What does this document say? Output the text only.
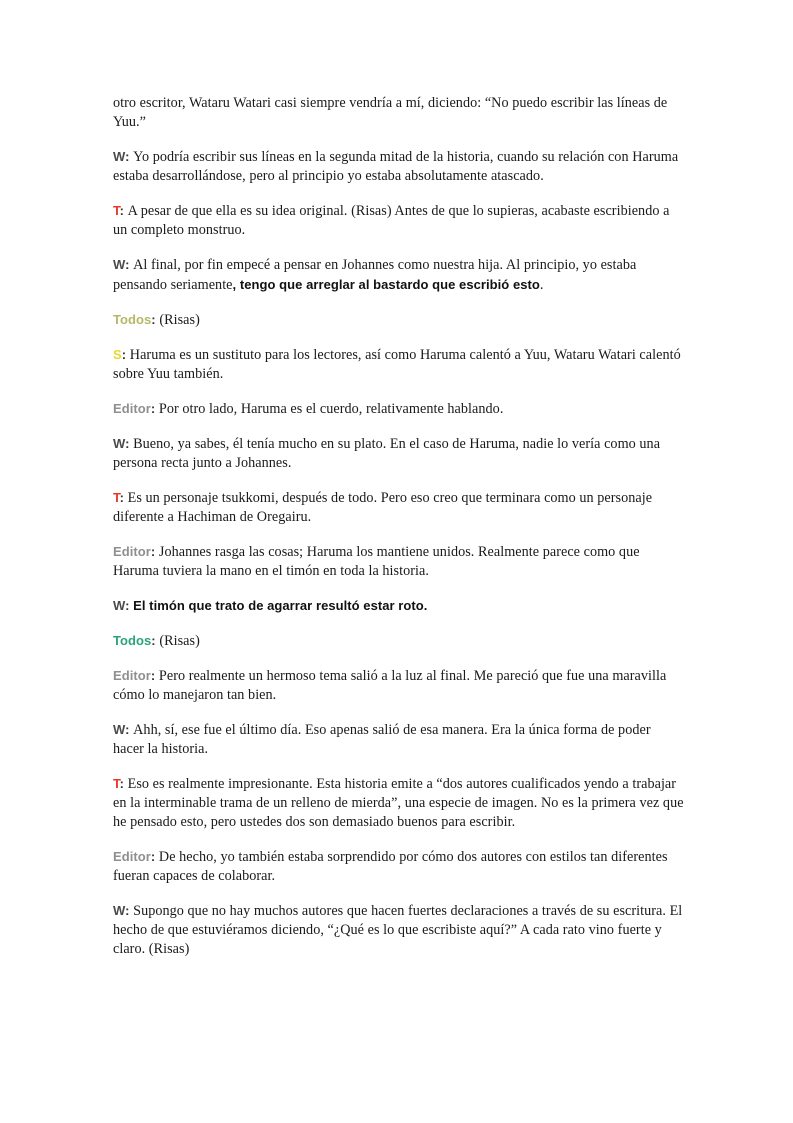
otro escritor, Wataru Watari casi siempre vendría a mí, diciendo: “No puedo escribir las líneas de Yuu.”

W: Yo podría escribir sus líneas en la segunda mitad de la historia, cuando su relación con Haruma estaba desarrollándose, pero al principio yo estaba absolutamente atascado.

T: A pesar de que ella es su idea original. (Risas) Antes de que lo supieras, acabaste escribiendo a un completo monstruo.

W: Al final, por fin empecé a pensar en Johannes como nuestra hija. Al principio, yo estaba pensando seriamente, tengo que arreglar al bastardo que escribió esto.

Todos: (Risas)

S: Haruma es un sustituto para los lectores, así como Haruma calentó a Yuu, Wataru Watari calentó sobre Yuu también.

Editor: Por otro lado, Haruma es el cuerdo, relativamente hablando.

W: Bueno, ya sabes, él tenía mucho en su plato. En el caso de Haruma, nadie lo vería como una persona recta junto a Johannes.

T: Es un personaje tsukkomi, después de todo. Pero eso creo que terminara como un personaje diferente a Hachiman de Oregairu.

Editor: Johannes rasga las cosas; Haruma los mantiene unidos. Realmente parece como que Haruma tuviera la mano en el timón en toda la historia.

W: El timón que trato de agarrar resultó estar roto.

Todos: (Risas)

Editor: Pero realmente un hermoso tema salió a la luz al final. Me pareció que fue una maravilla cómo lo manejaron tan bien.

W: Ahh, sí, ese fue el último día. Eso apenas salió de esa manera. Era la única forma de poder hacer la historia.

T: Eso es realmente impresionante. Esta historia emite a “dos autores cualificados yendo a trabajar en la interminable trama de un relleno de mierda”, una especie de imagen. No es la primera vez que he pensado esto, pero ustedes dos son demasiado buenos para escribir.

Editor: De hecho, yo también estaba sorprendido por cómo dos autores con estilos tan diferentes fueran capaces de colaborar.

W: Supongo que no hay muchos autores que hacen fuertes declaraciones a través de su escritura. El hecho de que estuviéramos diciendo, “¿Qué es lo que escribiste aquí?” A cada rato vino fuerte y claro. (Risas)
